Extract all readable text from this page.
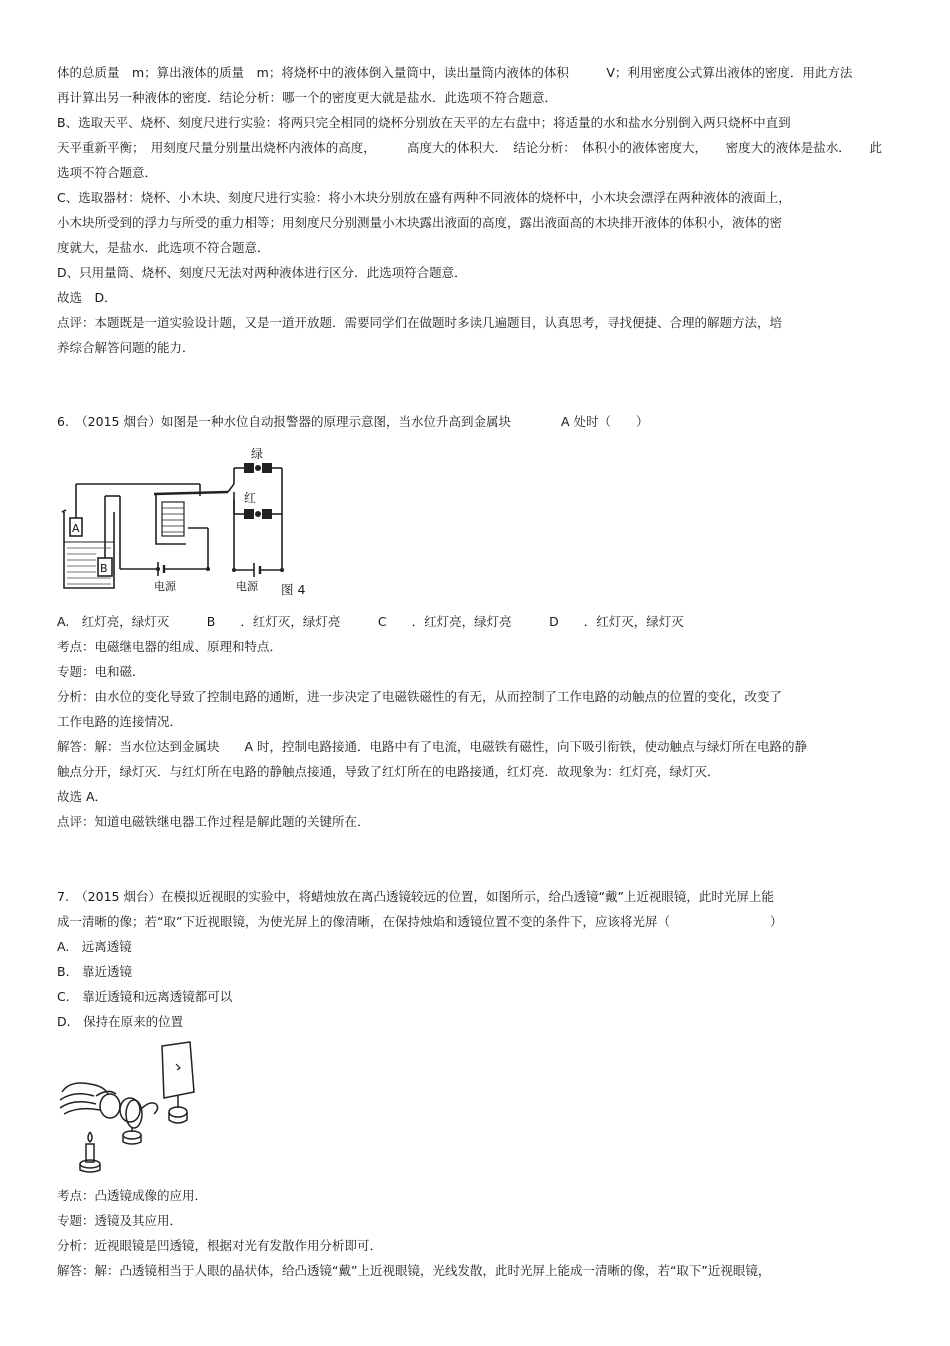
体的总质量　m；算出液体的质量　m；将烧杯中的液体倒入量筒中，读出量筒内液体的体积　　　V；利用密度公式算出液体的密度．用此方法
再计算出另一种液体的密度．结论分析：哪一个的密度更大就是盐水．此选项不符合题意．
B、选取天平、烧杯、刻度尺进行实验：将两只完全相同的烧杯分别放在天平的左右盘中；将适量的水和盐水分别倒入两只烧杯中直到
天平重新平衡；　用刻度尺量分别量出烧杯内液体的高度，　　　高度大的体积大．　结论分析：　体积小的液体密度大，　　密度大的液体是盐水．　　此
选项不符合题意．
C、选取器材：烧杯、小木块、刻度尺进行实验：将小木块分别放在盛有两种不同液体的烧杯中，小木块会漂浮在两种液体的液面上，
小木块所受到的浮力与所受的重力相等；用刻度尺分别测量小木块露出液面的高度，露出液面高的木块排开液体的体积小，液体的密
度就大，是盐水．此选项不符合题意．
D、只用量筒、烧杯、刻度尺无法对两种液体进行区分．此选项符合题意．
故选　D．
点评：本题既是一道实验设计题，又是一道开放题．需要同学们在做题时多读几遍题目，认真思考，寻找便捷、合理的解题方法，培
养综合解答问题的能力．
6.　（2015 烟台）如图是一种水位自动报警器的原理示意图，当水位升高到金属块　　　　A 处时（　　）
绿
红
A
B
电源	电源 图 4
A.　红灯亮，绿灯灭　　　B　　．红灯灭，绿灯亮　　　C　　．红灯亮，绿灯亮　　　D　　．红灯灭，绿灯灭
考点：电磁继电器的组成、原理和特点．
专题：电和磁．
分析：由水位的变化导致了控制电路的通断，进一步决定了电磁铁磁性的有无，从而控制了工作电路的动触点的位置的变化，改变了
工作电路的连接情况．
解答：解：当水位达到金属块　　A 时，控制电路接通．电路中有了电流，电磁铁有磁性，向下吸引衔铁，使动触点与绿灯所在电路的静
触点分开，绿灯灭．与红灯所在电路的静触点接通，导致了红灯所在的电路接通，红灯亮．故现象为：红灯亮，绿灯灭．
故选 A．
点评：知道电磁铁继电器工作过程是解此题的关键所在．
7.　（2015 烟台）在模拟近视眼的实验中，将蜡烛放在离凸透镜较远的位置，如图所示，给凸透镜“戴”上近视眼镜，此时光屏上能
成一清晰的像；若“取”下近视眼镜，为使光屏上的像清晰，在保持烛焰和透镜位置不变的条件下，应该将光屏（　　　　　　　　）
A.　远离透镜
B.　靠近透镜
C.　靠近透镜和远离透镜都可以
D.　保持在原来的位置
考点：凸透镜成像的应用．
专题：透镜及其应用．
分析：近视眼镜是凹透镜，根据对光有发散作用分析即可．
解答：解：凸透镜相当于人眼的晶状体，给凸透镜“戴”上近视眼镜，光线发散，此时光屏上能成一清晰的像，若“取下”近视眼镜，
